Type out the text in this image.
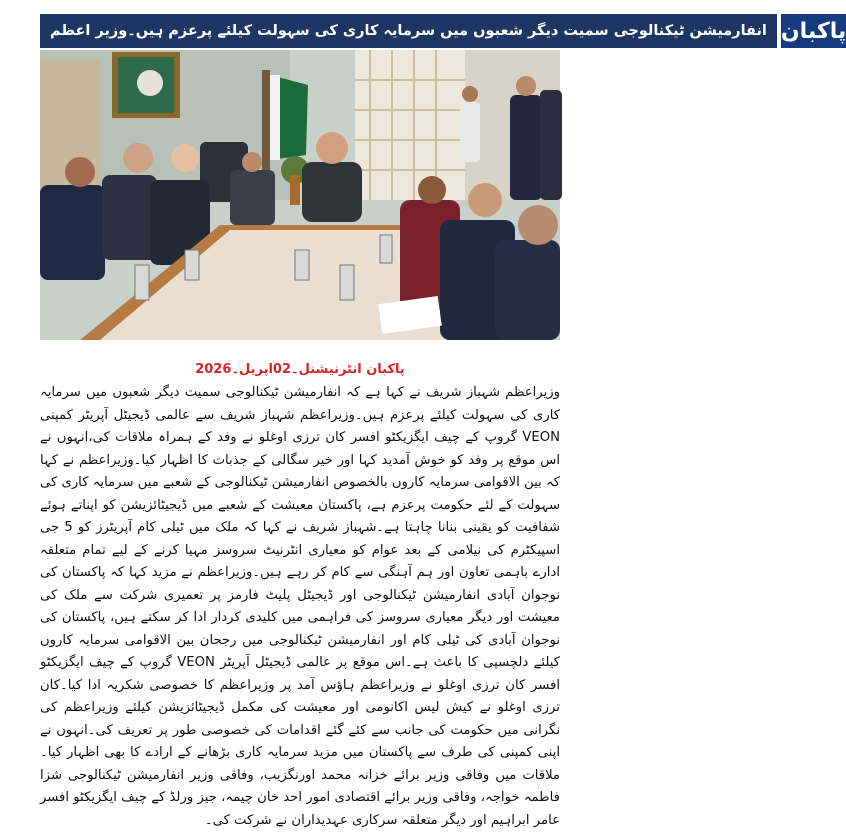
انفارمیشن ٹیکنالوجی سمیت دیگر شعبوں میں سرمایہ کاری کی سہولت کیلئے پرعزم ہیں۔وزیر اعظم پاکبان
پاکبان انٹرنیشنل۔02اپریل۔2026
وزیراعظم شہباز شریف نے کہا ہے کہ انفارمیشن ٹیکنالوجی سمیت دیگر شعبوں میں سرمایہ کاری کی سہولت کیلئے پرعزم ہیں۔وزیراعظم شہباز شریف سے عالمی ڈیجیٹل آپریٹر کمپنی VEON گروپ کے چیف ایگزیکٹو افسر کان ترزی اوغلو نے وفد کے ہمراہ ملاقات کی،انہوں نے اس موقع پر وفد کو خوش آمدید کہا اور خیر سگالی کے جذبات کا اظہار کیا۔وزیراعظم نے کہا کہ بین الاقوامی سرمایہ کاروں بالخصوص انفارمیشن ٹیکنالوجی کے شعبے میں سرمایہ کاری کی سہولت کے لئے حکومت پرعزم ہے، پاکستان معیشت کے شعبے میں ڈیجیٹائزیشن کو اپناتے ہوئے شفافیت کو یقینی بنانا چاہتا ہے۔شہباز شریف نے کہا کہ ملک میں ٹیلی کام آپریٹرز کو 5 جی اسپیکٹرم کی نیلامی کے بعد عوام کو معیاری انٹرنیٹ سروسز مہیا کرنے کے لیے تمام متعلقہ ادارے باہمی تعاون اور ہم آہنگی سے کام کر رہے ہیں۔وزیراعظم نے مزید کہا کہ پاکستان کی نوجوان آبادی انفارمیشن ٹیکنالوجی اور ڈیجیٹل پلیٹ فارمز پر تعمیری شرکت سے ملک کی معیشت اور دیگر معیاری سروسز کی فراہمی میں کلیدی کردار ادا کر سکتے ہیں، پاکستان کی نوجوان آبادی کی ٹیلی کام اور انفارمیشن ٹیکنالوجی میں رجحان بین الاقوامی سرمایہ کاروں کیلئے دلچسپی کا باعث ہے۔اس موقع پر عالمی ڈیجیٹل آپریٹر VEON گروپ کے چیف ایگزیکٹو افسر کان ترزی اوغلو نے وزیراعظم ہاؤس آمد پر وزیراعظم کا خصوصی شکریہ ادا کیا۔کان ترزی اوغلو نے کیش لیس اکانومی اور معیشت کی مکمل ڈیجیٹائزیشن کیلئے وزیراعظم کی نگرانی میں حکومت کی جانب سے کئے گئے اقدامات کی خصوصی طور پر تعریف کی۔انہوں نے اپنی کمپنی کی طرف سے پاکستان میں مزید سرمایہ کاری بڑھانے کے ارادے کا بھی اظہار کیا۔ملاقات میں وفاقی وزیر برائے خزانہ محمد اورنگزیب، وفاقی وزیر انفارمیشن ٹیکنالوجی شزا فاطمہ خواجہ، وفاقی وزیر برائے اقتصادی امور احد خان چیمہ، جیز ورلڈ کے چیف ایگزیکٹو افسر عامر ابراہیم اور دیگر متعلقہ سرکاری عہدیداران نے شرکت کی۔
